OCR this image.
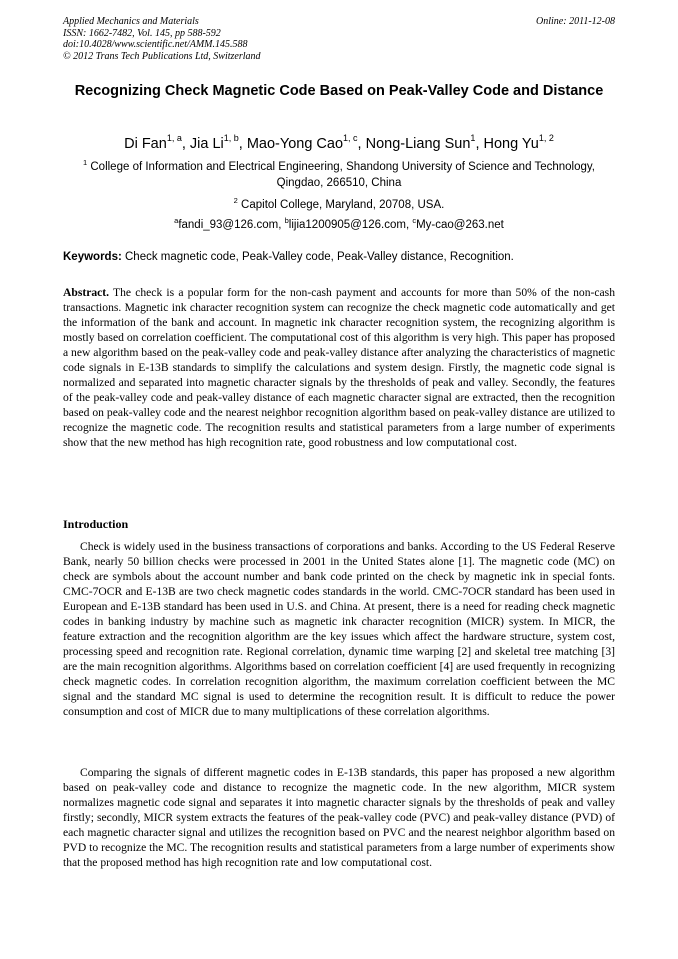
Applied Mechanics and Materials
ISSN: 1662-7482, Vol. 145, pp 588-592
doi:10.4028/www.scientific.net/AMM.145.588
© 2012 Trans Tech Publications Ltd, Switzerland
Online: 2011-12-08
Recognizing Check Magnetic Code Based on Peak-Valley Code and Distance
Di Fan$^{1, a}$, Jia Li$^{1, b}$, Mao-Yong Cao$^{1, c}$, Nong-Liang Sun$^1$, Hong Yu$^{1, 2}$
$^1$ College of Information and Electrical Engineering, Shandong University of Science and Technology, Qingdao, 266510, China
$^2$ Capitol College, Maryland, 20708, USA.
$^a$fandi_93@126.com, $^b$lijia1200905@126.com, $^c$My-cao@263.net
Keywords: Check magnetic code, Peak-Valley code, Peak-Valley distance, Recognition.
Abstract. The check is a popular form for the non-cash payment and accounts for more than 50% of the non-cash transactions. Magnetic ink character recognition system can recognize the check magnetic code automatically and get the information of the bank and account. In magnetic ink character recognition system, the recognizing algorithm is mostly based on correlation coefficient. The computational cost of this algorithm is very high. This paper has proposed a new algorithm based on the peak-valley code and peak-valley distance after analyzing the characteristics of magnetic code signals in E-13B standards to simplify the calculations and system design. Firstly, the magnetic code signal is normalized and separated into magnetic character signals by the thresholds of peak and valley. Secondly, the features of the peak-valley code and peak-valley distance of each magnetic character signal are extracted, then the recognition based on peak-valley code and the nearest neighbor recognition algorithm based on peak-valley distance are utilized to recognize the magnetic code. The recognition results and statistical parameters from a large number of experiments show that the new method has high recognition rate, good robustness and low computational cost.
Introduction
Check is widely used in the business transactions of corporations and banks. According to the US Federal Reserve Bank, nearly 50 billion checks were processed in 2001 in the United States alone [1]. The magnetic code (MC) on check are symbols about the account number and bank code printed on the check by magnetic ink in special fonts. CMC-7OCR and E-13B are two check magnetic codes standards in the world. CMC-7OCR standard has been used in European and E-13B standard has been used in U.S. and China. At present, there is a need for reading check magnetic codes in banking industry by machine such as magnetic ink character recognition (MICR) system. In MICR, the feature extraction and the recognition algorithm are the key issues which affect the hardware structure, system cost, processing speed and recognition rate. Regional correlation, dynamic time warping [2] and skeletal tree matching [3] are the main recognition algorithms. Algorithms based on correlation coefficient [4] are used frequently in recognizing check magnetic codes. In correlation recognition algorithm, the maximum correlation coefficient between the MC signal and the standard MC signal is used to determine the recognition result. It is difficult to reduce the power consumption and cost of MICR due to many multiplications of these correlation algorithms.
Comparing the signals of different magnetic codes in E-13B standards, this paper has proposed a new algorithm based on peak-valley code and distance to recognize the magnetic code. In the new algorithm, MICR system normalizes magnetic code signal and separates it into magnetic character signals by the thresholds of peak and valley firstly; secondly, MICR system extracts the features of the peak-valley code (PVC) and peak-valley distance (PVD) of each magnetic character signal and utilizes the recognition based on PVC and the nearest neighbor algorithm based on PVD to recognize the MC. The recognition results and statistical parameters from a large number of experiments show that the proposed method has high recognition rate and low computational cost.
